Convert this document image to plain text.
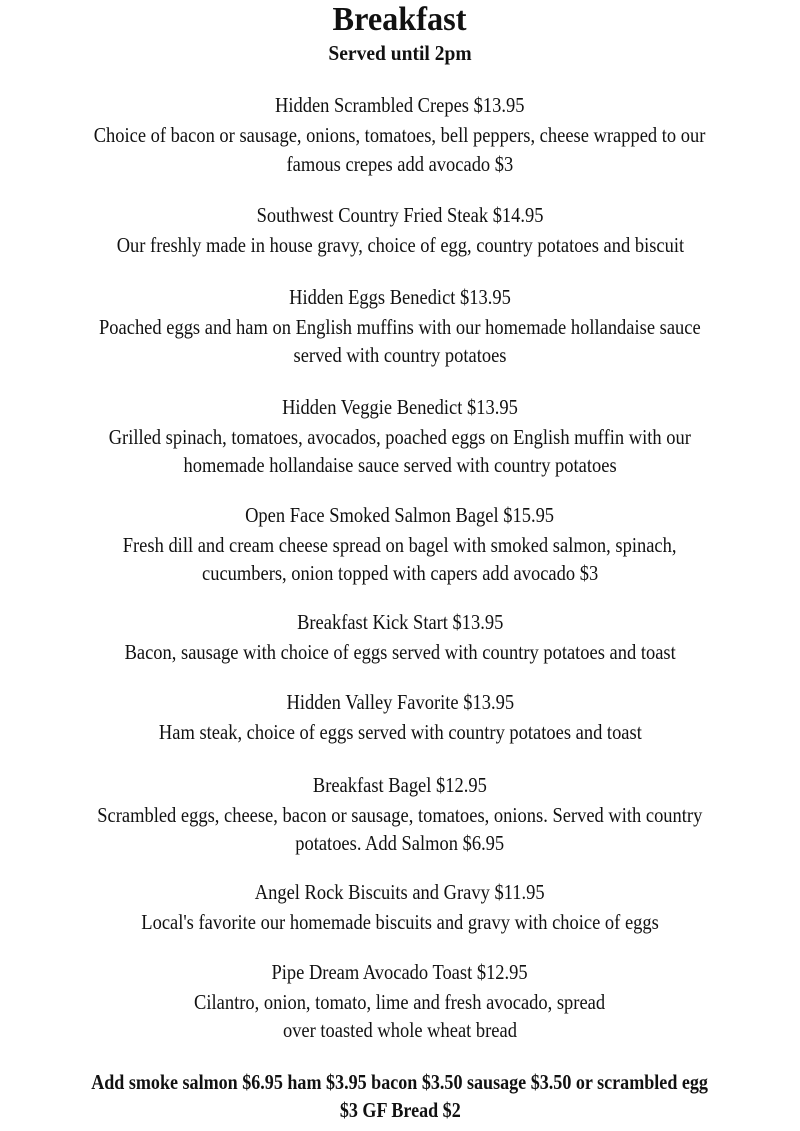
Breakfast
Served until 2pm
Hidden Scrambled Crepes $13.95
Choice of bacon or sausage, onions, tomatoes, bell peppers, cheese wrapped to our
famous crepes add avocado $3
Southwest Country Fried Steak $14.95
Our freshly made in house gravy, choice of egg, country potatoes and biscuit
Hidden Eggs Benedict $13.95
Poached eggs and ham on English muffins with our homemade hollandaise sauce
served with country potatoes
Hidden Veggie Benedict $13.95
Grilled spinach, tomatoes, avocados, poached eggs on English muffin with our
homemade hollandaise sauce served with country potatoes
Open Face Smoked Salmon Bagel $15.95
Fresh dill and cream cheese spread on bagel with smoked salmon, spinach,
cucumbers, onion topped with capers add avocado $3
Breakfast Kick Start $13.95
Bacon, sausage with choice of eggs served with country potatoes and toast
Hidden Valley Favorite $13.95
Ham steak, choice of eggs served with country potatoes and toast
Breakfast Bagel $12.95
Scrambled eggs, cheese, bacon or sausage, tomatoes, onions. Served with country
potatoes. Add Salmon $6.95
Angel Rock Biscuits and Gravy $11.95
Local's favorite our homemade biscuits and gravy with choice of eggs
Pipe Dream Avocado Toast $12.95
Cilantro, onion, tomato, lime and fresh avocado, spread
over toasted whole wheat bread
Add smoke salmon $6.95 ham $3.95 bacon $3.50 sausage $3.50 or scrambled egg
$3 GF Bread $2
